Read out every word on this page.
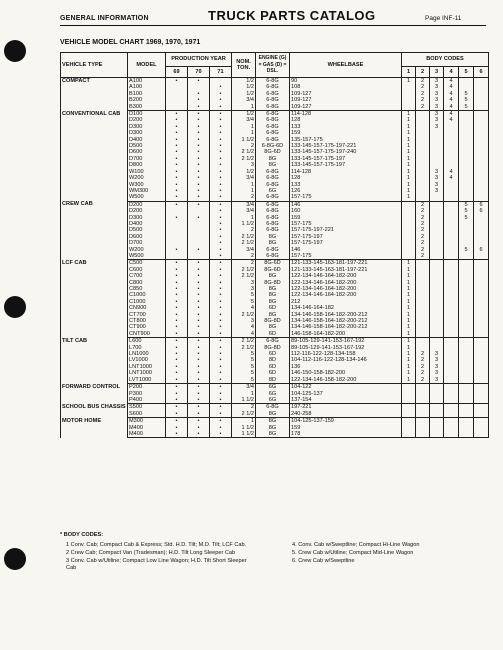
GENERAL INFORMATION	TRUCK PARTS CATALOG	Page INF-11
VEHICLE MODEL CHART 1969, 1970, 1971
VEHICLE TYPE	MODEL	PRODUCTION YEAR			NOM. TON.	ENGINE (G) = GAS (D) = DSL.	WHEELBASE	BODY CODES					
		69	70	71				1	2	3	4	5	6
COMPACT	A100	•	•		1/2	6-8G	90	1	2	3	4		
	A100			•	1/2	6-8G	108		2	3	4		
	B100		•	•	1/2	6-8G	109-127		2	3	4	5	
	B200		•	•	3/4	6-8G	109-127		2	3	4	5	
	B300		•	•	1	6-8G	109-127		2	3	4	5	
CONVENTIONAL CAB	D100	•	•	•	1/2	6-8G	114-128	1		3	4		
	D200	•	•	•	3/4	6-8G	128	1		3	4		
	D300	•	•	•	1	6-8G	133	1		3			
	D300	•	•	•	1	6-8G	159	1					
	D400	•	•	•	1 1/2	6-8G	135-157-175	1					
	D500	•	•	•	2	6-8G-6D	133-145-157-175-197-221	1					
	D600	•	•	•	2 1/2	8G-6D	133-145-157-175-197-240	1					
	D700	•	•	•	2 1/2	8G	133-145-157-175-197	1					
	D800	•	•	•	3	8G	133-145-157-175-197	1					
	W100	•	•	•	1/2	6-8G	114-128	1		3	4		
	W200	•	•	•	3/4	6-8G	128	1		3	4		
	W300	•	•	•	1	6-8G	133	1		3			
	WM300	•	•	•	1	6G	126	1		3			
	W500	•	•	•	2	6-8G	157-175	1					
CREW CAB	D200	•	•	•	3/4	6-8G	146		2			5	6
	D200			•	3/4	6-8G	160		2			5	6
	D300	•	•	•	1	6-8G	159		2			5	
	D400			•	1 1/2	6-8G	157-175		2				
	D500			•	2	6-8G	157-175-197-221		2				
	D600			•	2 1/2	8G	157-175-197		2				
	D700			•	2 1/2	8G	157-175-197		2				
	W200	•	•	•	3/4	6-8G	146		2			5	6
	W500			•	2	6-8G	157-175		2				
LCF CAB	C500	•	•	•	2	8G-6D	121-133-145-163-181-197-221	1					
	C600	•	•	•	2 1/2	8G-6D	121-133-145-163-181-197-221	1					
	C700	•	•	•	2 1/2	8G	122-134-146-164-182-200	1					
	C800	•	•	•	3	8G-8D	122-134-146-164-182-200	1					
	C850	•	•	•	3	8G	122-134-146-164-182-200	1					
	C1000	•	•	•	5	8G	122-134-146-164-182-200	1					
	C1000	•	•	•	5	8G	212	1					
	CN900	•	•	•	4	6D	134-146-164-182	1					
	CT700	•	•	•	2 1/2	8G	134-146-158-164-182-200-212	1					
	CT800	•	•	•	3	8G-8D	134-146-158-164-182-200-212	1					
	CT900	•	•	•	4	8G	134-146-158-164-182-200-212	1					
	CNT900	•	•	•	4	6D	146-158-164-182-200	1					
TILT CAB	L600	•	•	•	2 1/2	6-8G	89-105-129-141-153-167-192	1					
	L700	•	•	•	2 1/2	8G-8D	89-105-129-141-153-167-192	1					
	LN1000	•	•	•	5	6D	112-116-122-128-134-158	1	2	3			
	LV1000	•	•	•	5	8D	104-112-116-122-128-134-146	1	2	3			
	LNT1000	•	•	•	5	6D	136	1	2	3			
	LNT1000	•	•	•	5	6D	146-150-158-182-200	1	2	3			
	LVT1000	•	•	•	5	8D	122-134-146-158-182-200	1	2	3			
FORWARD CONTROL	P200	•	•	•	3/4	6G	104-122						
	P300	•	•	•	1	6G	104-125-137						
	P400	•	•	•	1 1/2	6G	137-154						
SCHOOL BUS CHASSIS	S500	•	•	•	2	6-8G	197-221						
	S600	•	•	•	2 1/2	8G	240-258						
MOTOR HOME	M300	•	•	•	1	8G	104-125-137-159						
	M400	•	•	•	1 1/2	8G	159						
	M400	•	•	•	1 1/2	8G	178						
* BODY CODES:
1 Conv. Cab; Compact Cab & Express; Std. H.D. Tilt; M.D. Tilt; LCF Cab.
2 Crew Cab; Compact Van (Tradesman); H.D. Tilt Long Sleeper Cab
3 Conv. Cab w/Utiline; Compact Low Line Wagon; H.D. Tilt Short Sleeper Cab
4. Conv. Cab w/Sweptline; Compact Hi-Line Wagon
5. Crew Cab w/Utiline; Compact Mid-Line Wagon
6. Crew Cab w/Sweptline
